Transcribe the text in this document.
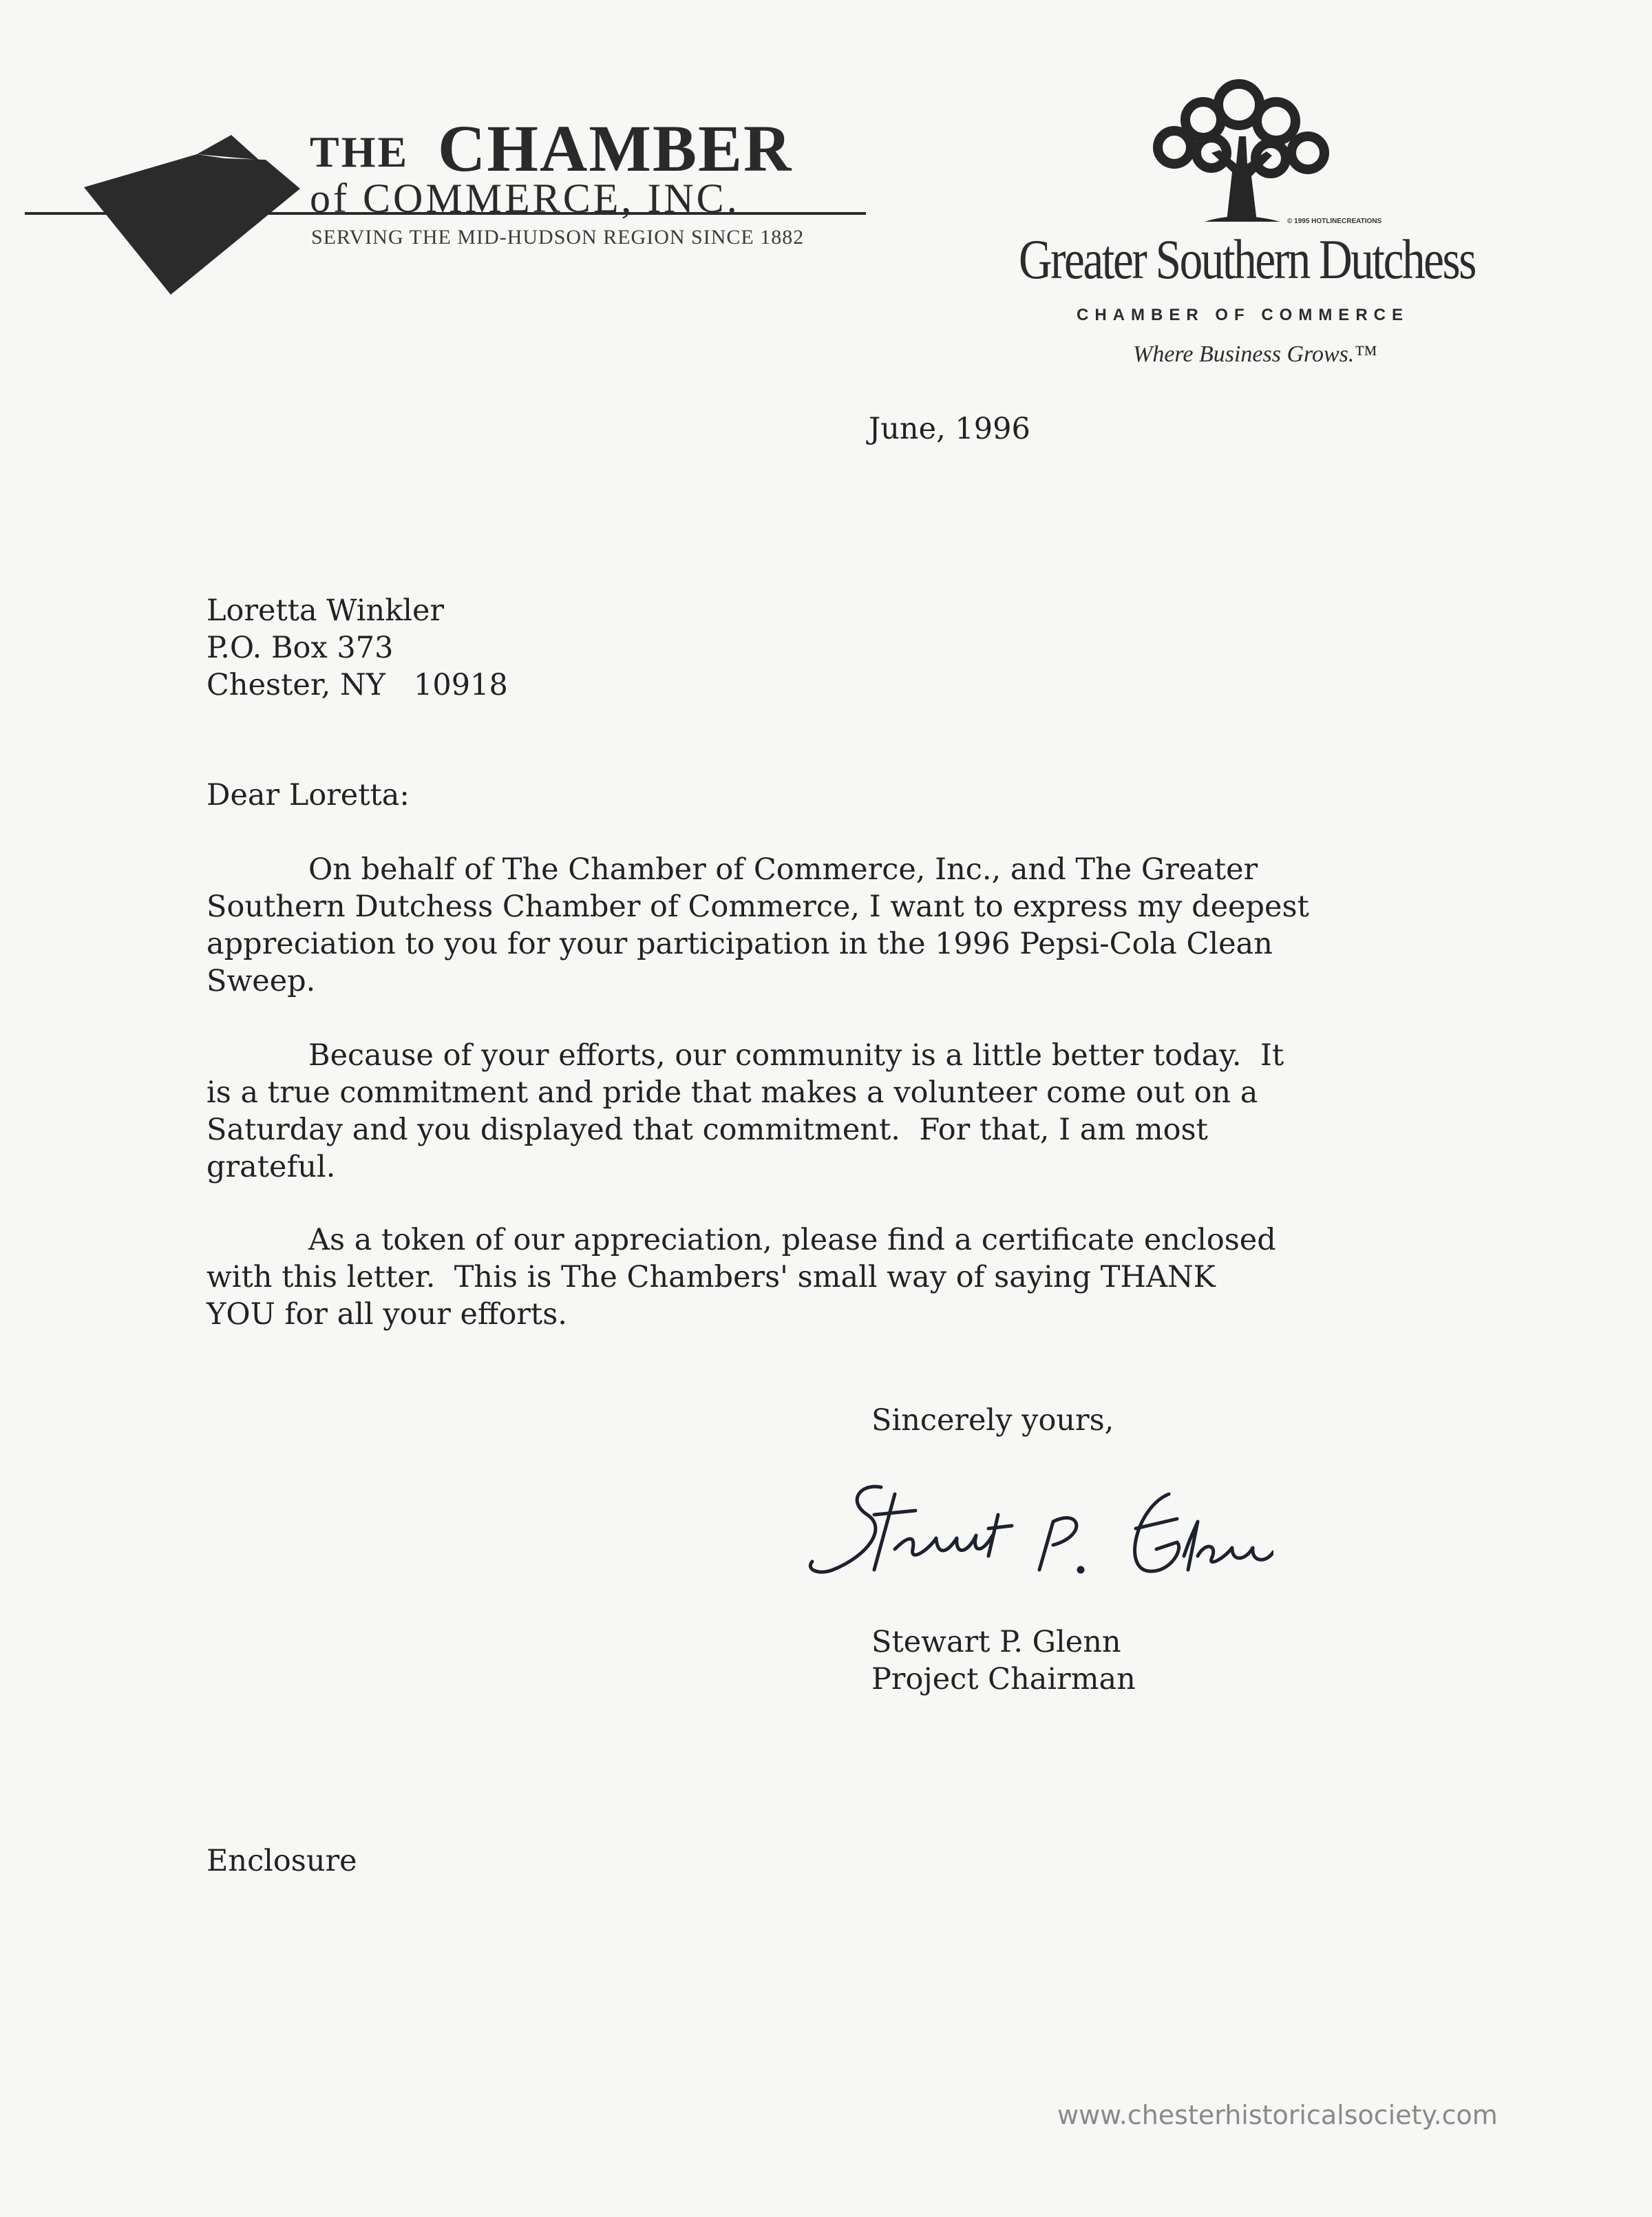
THE CHAMBER
of COMMERCE, INC.
SERVING THE MID-HUDSON REGION SINCE 1882
© 1995 HOTLINECREATIONS
Greater Southern Dutchess
CHAMBER OF COMMERCE
Where Business Grows.™
June, 1996
Loretta Winkler
P.O. Box 373
Chester, NY   10918
Dear Loretta:
On behalf of The Chamber of Commerce, Inc., and The Greater
Southern Dutchess Chamber of Commerce, I want to express my deepest
appreciation to you for your participation in the 1996 Pepsi-Cola Clean
Sweep.
Because of your efforts, our community is a little better today.  It
is a true commitment and pride that makes a volunteer come out on a
Saturday and you displayed that commitment.  For that, I am most
grateful.
As a token of our appreciation, please find a certificate enclosed
with this letter.  This is The Chambers' small way of saying THANK
YOU for all your efforts.
Sincerely yours,
Stewart P. Glenn
Project Chairman
Enclosure
www.chesterhistoricalsociety.com
